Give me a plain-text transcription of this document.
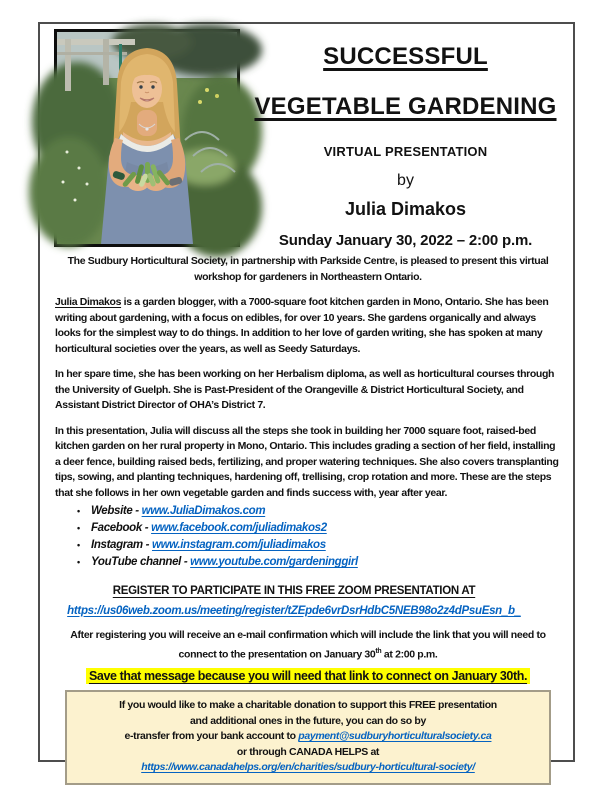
SUCCESSFUL
VEGETABLE GARDENING
VIRTUAL PRESENTATION
by
Julia Dimakos
Sunday January 30, 2022 – 2:00 p.m.

The Sudbury Horticultural Society, in partnership with Parkside Centre, is pleased to present this virtual workshop for gardeners in Northeastern Ontario.

Julia Dimakos is a garden blogger, with a 7000-square foot kitchen garden in Mono, Ontario. She has been writing about gardening, with a focus on edibles, for over 10 years. She gardens organically and always looks for the simplest way to do things. In addition to her love of garden writing, she has spoken at many horticultural societies over the years, as well as Seedy Saturdays.

In her spare time, she has been working on her Herbalism diploma, as well as horticultural courses through the University of Guelph. She is Past-President of the Orangeville & District Horticultural Society, and Assistant District Director of OHA’s District 7.

In this presentation, Julia will discuss all the steps she took in building her 7000 square foot, raised-bed kitchen garden on her rural property in Mono, Ontario. This includes grading a section of her field, installing a deer fence, building raised beds, fertilizing, and proper watering techniques. She also covers transplanting tips, sowing, and planting techniques, hardening off, trellising, crop rotation and more. These are the steps that she follows in her own vegetable garden and finds success with, year after year.

• Website - www.JuliaDimakos.com
• Facebook - www.facebook.com/juliadimakos2
• Instagram - www.instagram.com/juliadimakos
• YouTube channel - www.youtube.com/gardeninggirl
REGISTER TO PARTICIPATE IN THIS FREE ZOOM PRESENTATION AT
https://us06web.zoom.us/meeting/register/tZEpde6vrDsrHdbC5NEB98o2z4dPsuEsn_b_

After registering you will receive an e-mail confirmation which will include the link that you will need to connect to the presentation on January 30th at 2:00 p.m.

Save that message because you will need that link to connect on January 30th.
If you would like to make a charitable donation to support this FREE presentation
and additional ones in the future, you can do so by
e-transfer from your bank account to payment@sudburyhorticulturalsociety.ca
or through CANADA HELPS at
https://www.canadahelps.org/en/charities/sudbury-horticultural-society/
